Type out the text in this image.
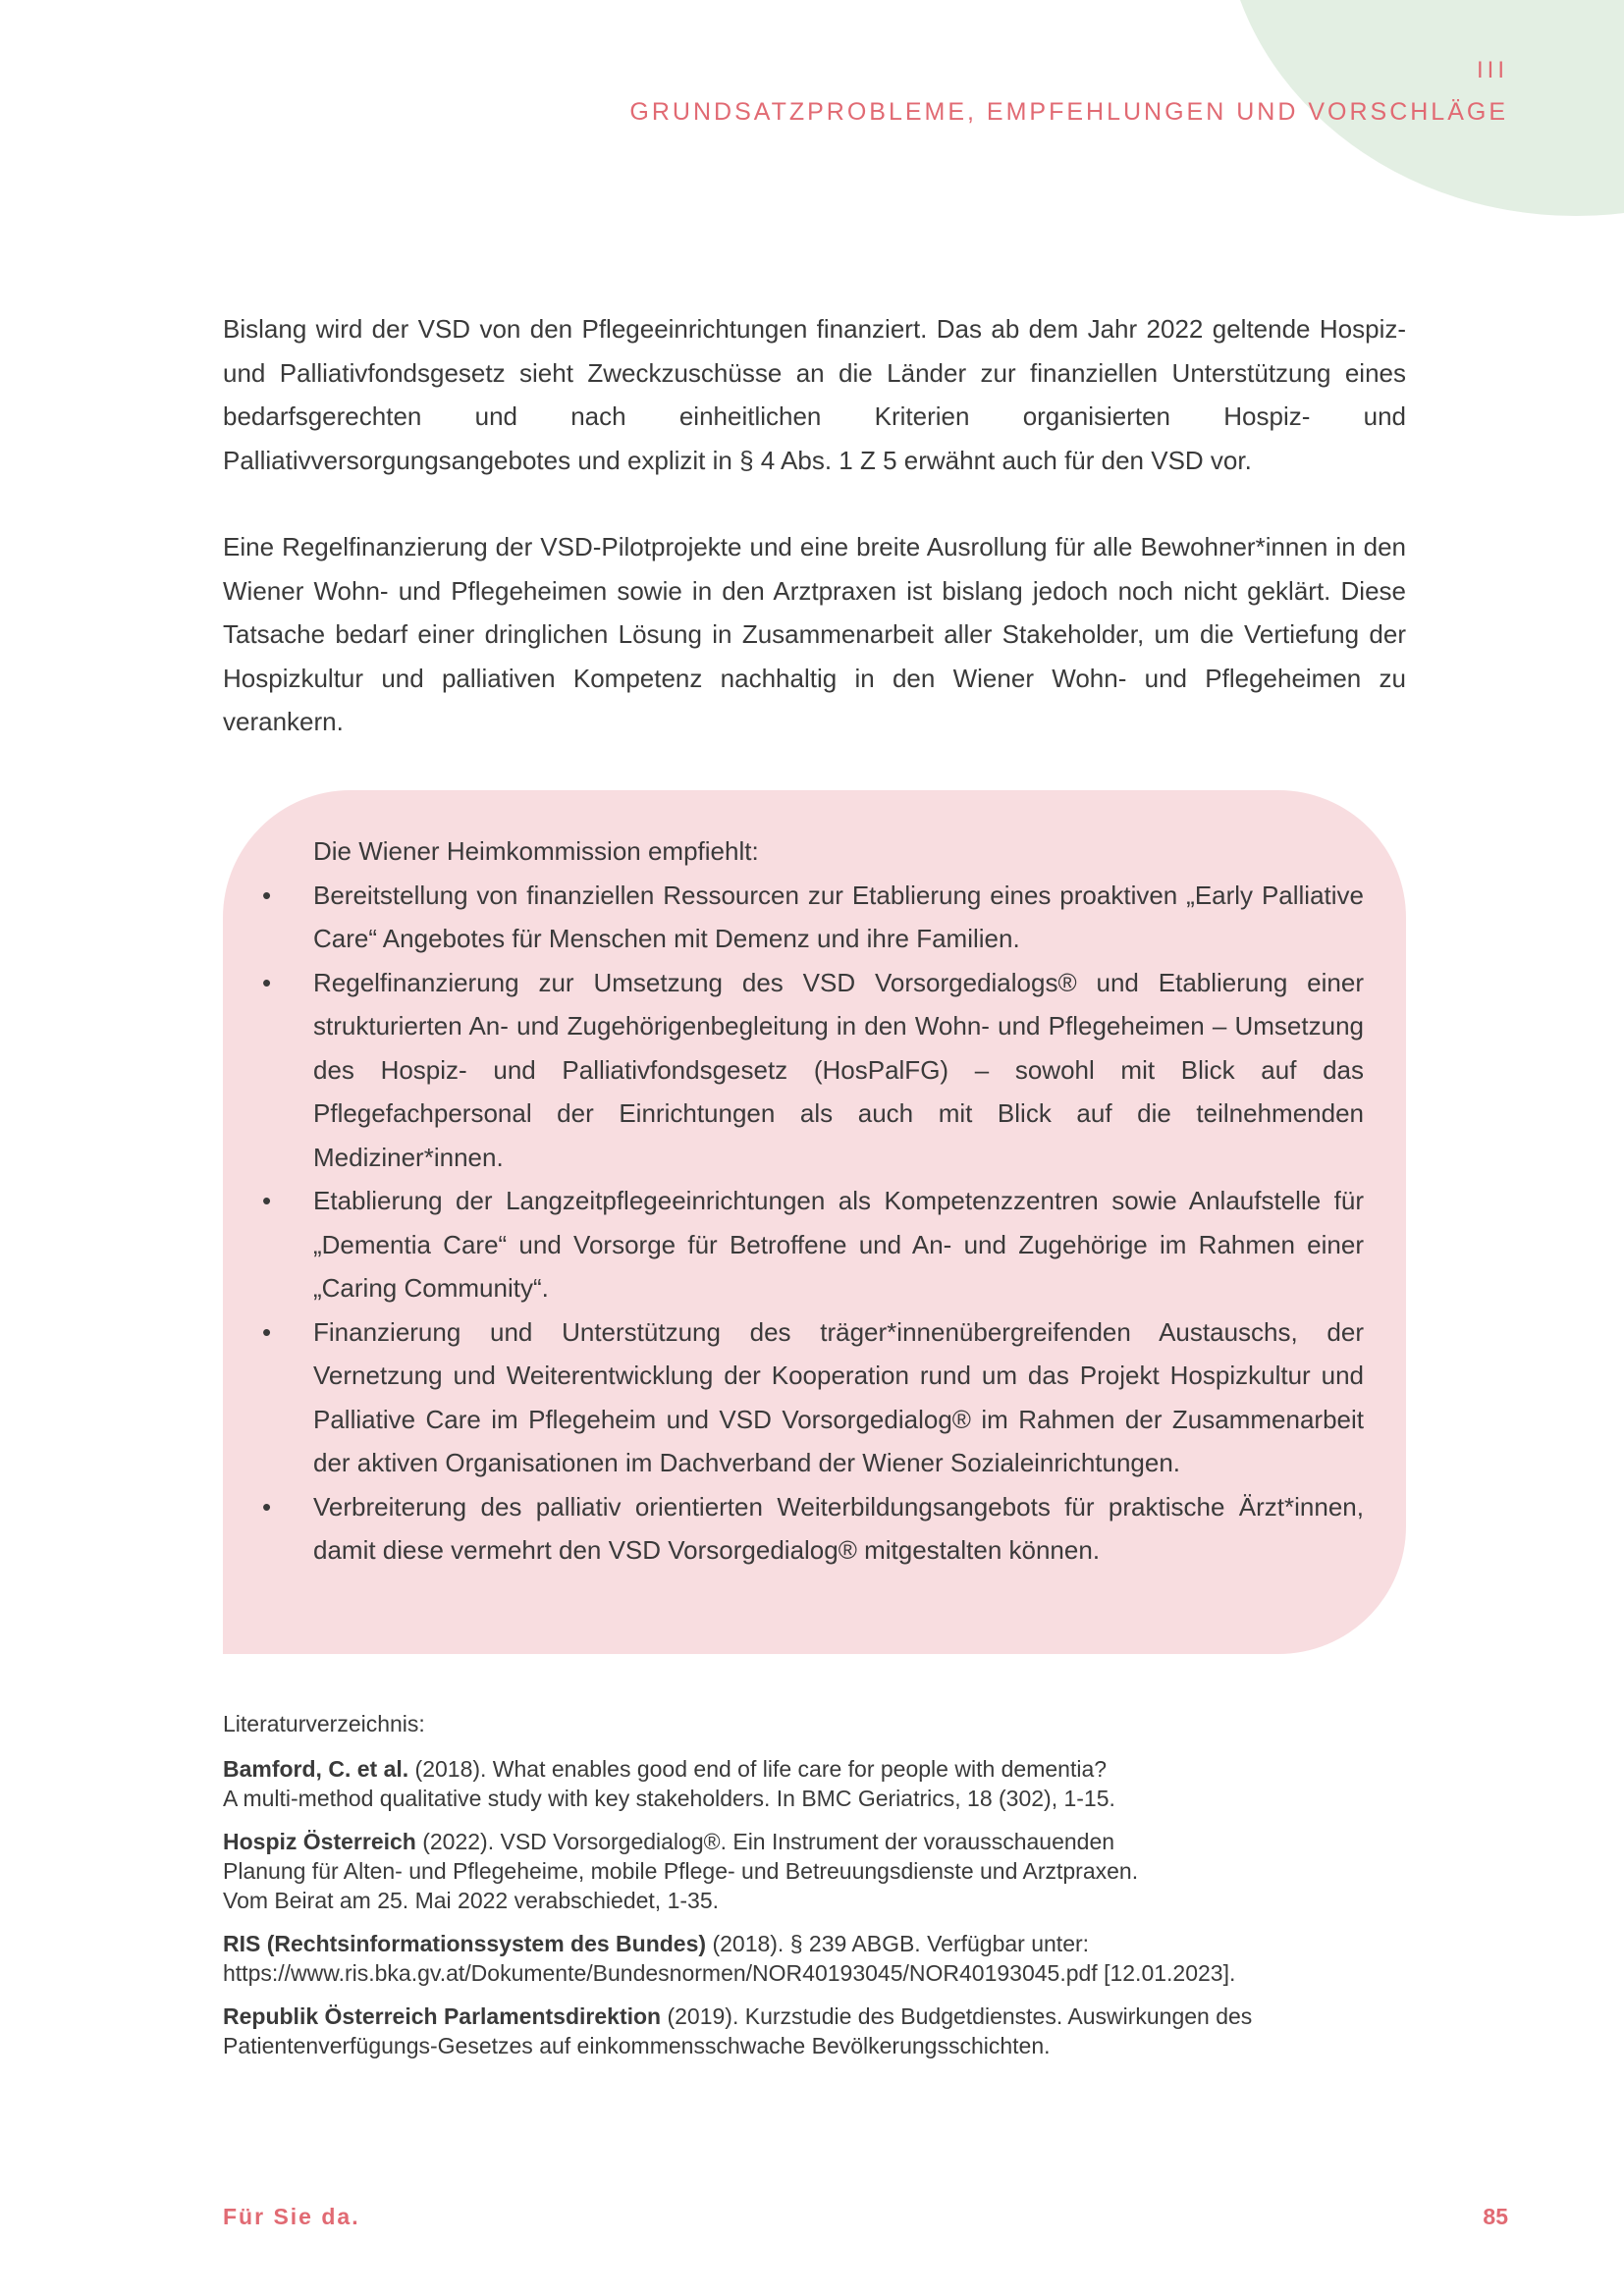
III
GRUNDSATZPROBLEME, EMPFEHLUNGEN UND VORSCHLÄGE

Bislang wird der VSD von den Pflegeeinrichtungen finanziert. Das ab dem Jahr 2022 geltende Hospiz- und Palliativfondsgesetz sieht Zweckzuschüsse an die Länder zur finanziellen Unterstützung eines bedarfsgerechten und nach einheitlichen Kriterien organisierten Hospiz- und Palliativversorgungsangebotes und explizit in § 4 Abs. 1 Z 5 erwähnt auch für den VSD vor.

Eine Regelfinanzierung der VSD-Pilotprojekte und eine breite Ausrollung für alle Bewohner*innen in den Wiener Wohn- und Pflegeheimen sowie in den Arztpraxen ist bislang jedoch noch nicht geklärt. Diese Tatsache bedarf einer dringlichen Lösung in Zusammenarbeit aller Stakeholder, um die Vertiefung der Hospizkultur und palliativen Kompetenz nachhaltig in den Wiener Wohn- und Pflegeheimen zu verankern.

Die Wiener Heimkommission empfiehlt:
• Bereitstellung von finanziellen Ressourcen zur Etablierung eines proaktiven „Early Palliative Care“ Angebotes für Menschen mit Demenz und ihre Familien.
• Regelfinanzierung zur Umsetzung des VSD Vorsorgedialogs® und Etablierung einer strukturierten An- und Zugehörigenbegleitung in den Wohn- und Pflegeheimen – Umsetzung des Hospiz- und Palliativfondsgesetz (HosPalFG) – sowohl mit Blick auf das Pflegefachpersonal der Einrichtungen als auch mit Blick auf die teilnehmenden Mediziner*innen.
• Etablierung der Langzeitpflegeeinrichtungen als Kompetenzzentren sowie Anlaufstelle für „Dementia Care“ und Vorsorge für Betroffene und An- und Zugehörige im Rahmen einer „Caring Community“.
• Finanzierung und Unterstützung des träger*innenübergreifenden Austauschs, der Vernetzung und Weiterentwicklung der Kooperation rund um das Projekt Hospizkultur und Palliative Care im Pflegeheim und VSD Vorsorgedialog® im Rahmen der Zusammenarbeit der aktiven Organisationen im Dachverband der Wiener Sozialeinrichtungen.
• Verbreiterung des palliativ orientierten Weiterbildungsangebots für praktische Ärzt*innen, damit diese vermehrt den VSD Vorsorgedialog® mitgestalten können.
Literaturverzeichnis:
Bamford, C. et al. (2018). What enables good end of life care for people with dementia?
A multi-method qualitative study with key stakeholders. In BMC Geriatrics, 18 (302), 1-15.
Hospiz Österreich (2022). VSD Vorsorgedialog®. Ein Instrument der vorausschauenden
Planung für Alten- und Pflegeheime, mobile Pflege- und Betreuungsdienste und Arztpraxen.
Vom Beirat am 25. Mai 2022 verabschiedet, 1-35.
RIS (Rechtsinformationssystem des Bundes) (2018). § 239 ABGB. Verfügbar unter:
https://www.ris.bka.gv.at/Dokumente/Bundesnormen/NOR40193045/NOR40193045.pdf [12.01.2023].
Republik Österreich Parlamentsdirektion (2019). Kurzstudie des Budgetdienstes. Auswirkungen des
Patientenverfügungs-Gesetzes auf einkommensschwache Bevölkerungsschichten.
Für Sie da.	85
